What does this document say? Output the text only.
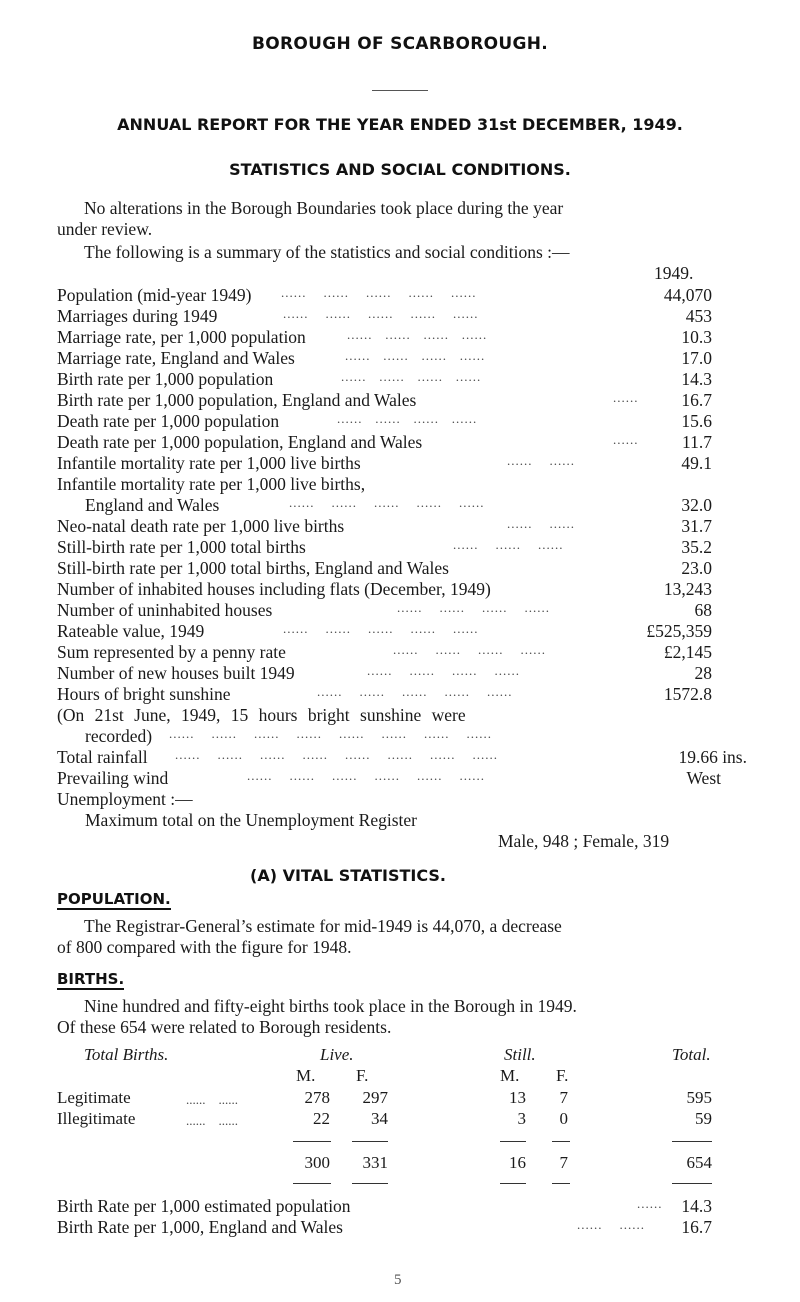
BOROUGH OF SCARBOROUGH.
ANNUAL REPORT FOR THE YEAR ENDED 31st DECEMBER, 1949.
STATISTICS AND SOCIAL CONDITIONS.
No alterations in the Borough Boundaries took place during the year
under review.
The following is a summary of the statistics and social conditions :—
1949.
Population (mid-year 1949) ......    ......    ......    ......    ......	44,070
Marriages during 1949	......    ......    ......    ......    ......	453
Marriage rate, per 1,000 population	......   ......   ......   ......	10.3
Marriage rate, England and Wales	......   ......   ......   ......	17.0
Birth rate per 1,000 population	......   ......   ......   ......	14.3
Birth rate per 1,000 population, England and Wales	...... 16.7
Death rate per 1,000 population	......   ......   ......   ......	15.6
Death rate per 1,000 population, England and Wales	...... 11.7
Infantile mortality rate per 1,000 live births	......    ......	49.1
Infantile mortality rate per 1,000 live births,
England and Wales	......    ......    ......    ......    ......	32.0
Neo-natal death rate per 1,000 live births	......    ......	31.7
Still-birth rate per 1,000 total births	......    ......    ......	35.2
Still-birth rate per 1,000 total births, England and Wales	23.0
Number of inhabited houses including flats (December, 1949)	13,243
Number of uninhabited houses	......    ......    ......    ......	68
Rateable value, 1949	......    ......    ......    ......    ......	£525,359
Sum represented by a penny rate	......    ......    ......    ......	£2,145
Number of new houses built 1949	......    ......    ......    ......	28
Hours of bright sunshine	......    ......    ......    ......    ......	1572.8
(On 21st June, 1949, 15 hours bright sunshine were
recorded) ......    ......    ......    ......    ......    ......    ......    ......
Total rainfall ......    ......    ......    ......    ......    ......    ......    ......	19.66 ins.
Prevailing wind	......    ......    ......    ......    ......    ......	West
Unemployment :—
Maximum total on the Unemployment Register
Male, 948 ; Female, 319
(A) VITAL STATISTICS.
POPULATION.
The Registrar-General’s estimate for mid-1949 is 44,070, a decrease
of 800 compared with the figure for 1948.
BIRTHS.
Nine hundred and fifty-eight births took place in the Borough in 1949.
Of these 654 were related to Borough residents.
Total Births.	Live.	Still.	Total.
M. F.	M. F.
Legitimate	......    ......	278	297	13	7	595
Illegitimate	......    ......	22	34	3	0	59
300	331	16	7	654
Birth Rate per 1,000 estimated population	...... 14.3
Birth Rate per 1,000, England and Wales	......    ...... 16.7
5
